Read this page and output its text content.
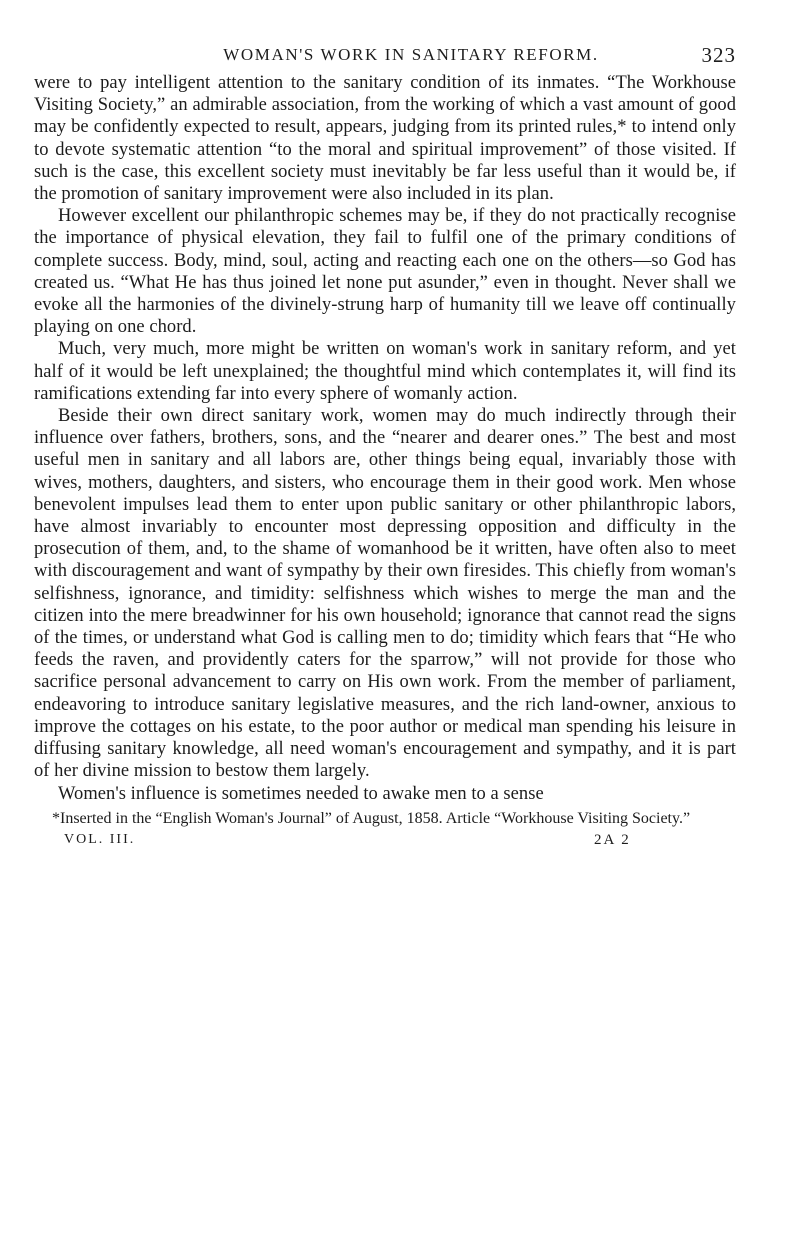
WOMAN'S WORK IN SANITARY REFORM.	323

were to pay intelligent attention to the sanitary condition of its inmates. “The Workhouse Visiting Society,” an admirable association, from the working of which a vast amount of good may be confidently expected to result, appears, judging from its printed rules,* to intend only to devote systematic attention “to the moral and spiritual improvement” of those visited. If such is the case, this excellent society must inevitably be far less useful than it would be, if the promotion of sanitary improvement were also included in its plan.

However excellent our philanthropic schemes may be, if they do not practically recognise the importance of physical elevation, they fail to fulfil one of the primary conditions of complete success. Body, mind, soul, acting and reacting each one on the others—so God has created us. “What He has thus joined let none put asunder,” even in thought. Never shall we evoke all the harmonies of the divinely-strung harp of humanity till we leave off continually playing on one chord.

Much, very much, more might be written on woman's work in sanitary reform, and yet half of it would be left unexplained; the thoughtful mind which contemplates it, will find its ramifications extending far into every sphere of womanly action.

Beside their own direct sanitary work, women may do much indirectly through their influence over fathers, brothers, sons, and the “nearer and dearer ones.” The best and most useful men in sanitary and all labors are, other things being equal, invariably those with wives, mothers, daughters, and sisters, who encourage them in their good work. Men whose benevolent impulses lead them to enter upon public sanitary or other philanthropic labors, have almost invariably to encounter most depressing opposition and difficulty in the prosecution of them, and, to the shame of womanhood be it written, have often also to meet with discouragement and want of sympathy by their own firesides. This chiefly from woman's selfishness, ignorance, and timidity: selfishness which wishes to merge the man and the citizen into the mere breadwinner for his own household; ignorance that cannot read the signs of the times, or understand what God is calling men to do; timidity which fears that “He who feeds the raven, and providently caters for the sparrow,” will not provide for those who sacrifice personal advancement to carry on His own work. From the member of parliament, endeavoring to introduce sanitary legislative measures, and the rich land-owner, anxious to improve the cottages on his estate, to the poor author or medical man spending his leisure in diffusing sanitary knowledge, all need woman's encouragement and sympathy, and it is part of her divine mission to bestow them largely.

Women's influence is sometimes needed to awake men to a sense

*Inserted in the “English Woman's Journal” of August, 1858. Article “Workhouse Visiting Society.”
VOL. III.	2A 2
